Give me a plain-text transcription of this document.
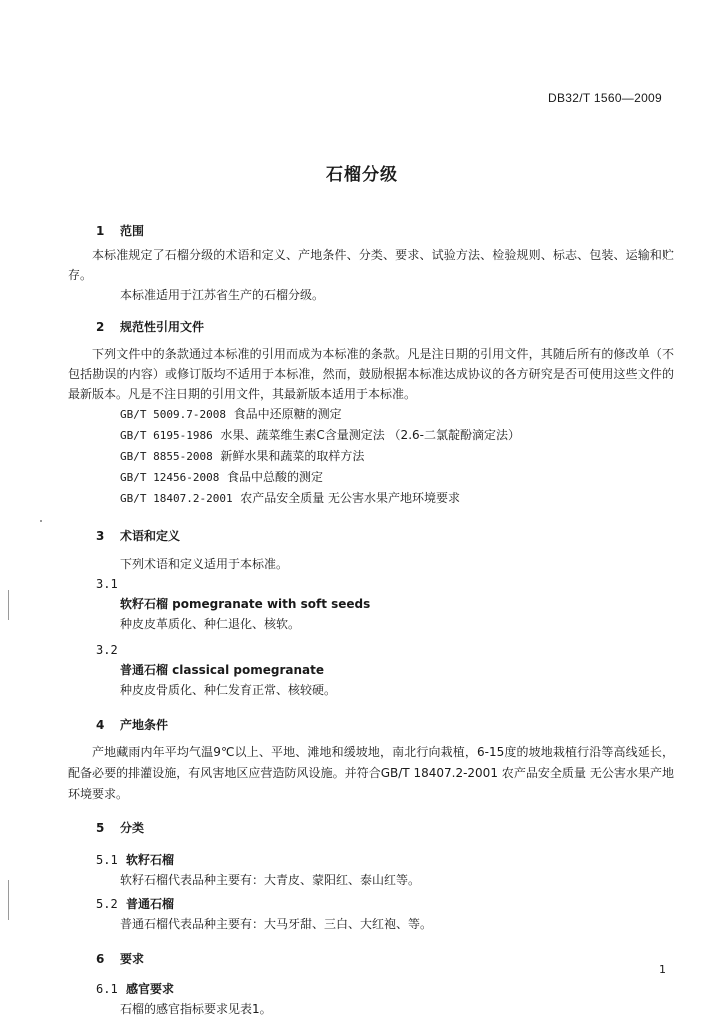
DB32/T 1560—2009
石榴分级
1	范围
本标准规定了石榴分级的术语和定义、产地条件、分类、要求、试验方法、检验规则、标志、包装、运输和贮存。
本标准适用于江苏省生产的石榴分级。
2	规范性引用文件
下列文件中的条款通过本标准的引用而成为本标准的条款。凡是注日期的引用文件，其随后所有的修改单（不包括勘误的内容）或修订版均不适用于本标准，然而，鼓励根据本标准达成协议的各方研究是否可使用这些文件的最新版本。凡是不注日期的引用文件，其最新版本适用于本标准。
GB/T 5009.7-2008 食品中还原糖的测定
GB/T 6195-1986 水果、蔬菜维生素C含量测定法 （2.6-二氯靛酚滴定法）
GB/T 8855-2008 新鲜水果和蔬菜的取样方法
GB/T 12456-2008 食品中总酸的测定
GB/T 18407.2-2001 农产品安全质量 无公害水果产地环境要求
3	术语和定义
下列术语和定义适用于本标准。
3.1
软籽石榴 pomegranate with soft seeds
种皮皮革质化、种仁退化、核软。
3.2
普通石榴 classical pomegranate
种皮皮骨质化、种仁发育正常、核较硬。
4	产地条件
产地藏雨内年平均气温9℃以上、平地、滩地和缓坡地，南北行向栽植，6-15度的坡地栽植行沿等高线延长，配备必要的排灌设施，有风害地区应营造防风设施。并符合GB/T 18407.2-2001 农产品安全质量 无公害水果产地环境要求。
5	分类
5.1 软籽石榴
软籽石榴代表品种主要有：大青皮、蒙阳红、泰山红等。
5.2 普通石榴
普通石榴代表品种主要有：大马牙甜、三白、大红袍、等。
6	要求
6.1 感官要求
石榴的感官指标要求见表1。
1
